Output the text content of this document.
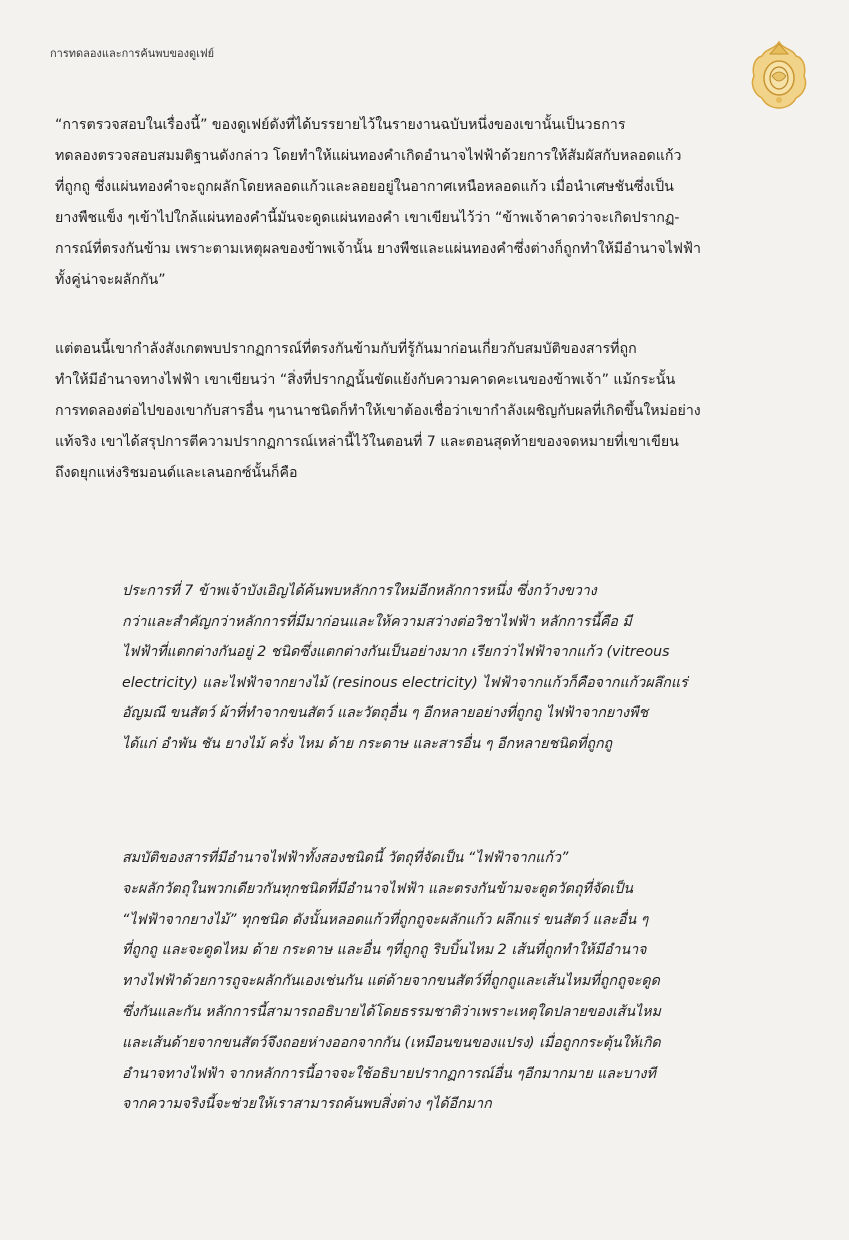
การทดลองและการค้นพบของดูเฟย์
“การตรวจสอบในเรื่องนี้” ของดูเฟย์ดังที่ได้บรรยายไว้ในรายงานฉบับหนึ่งของเขานั้นเป็นวธการ
ทดลองตรวจสอบสมมติฐานดังกล่าว โดยทำให้แผ่นทองคำเกิดอำนาจไฟฟ้าด้วยการให้สัมผัสกับหลอดแก้ว
ที่ถูกถู ซึ่งแผ่นทองคำจะถูกผลักโดยหลอดแก้วและลอยอยู่ในอากาศเหนือหลอดแก้ว เมื่อนำเศษชันซึ่งเป็น
ยางพืชแข็ง ๆเข้าไปใกล้แผ่นทองคำนี้มันจะดูดแผ่นทองคำ เขาเขียนไว้ว่า “ข้าพเจ้าคาดว่าจะเกิดปรากฏ-
การณ์ที่ตรงกันข้าม เพราะตามเหตุผลของข้าพเจ้านั้น ยางพืชและแผ่นทองคำซึ่งต่างก็ถูกทำให้มีอำนาจไฟฟ้า
ทั้งคู่น่าจะผลักกัน”
แต่ตอนนี้เขากำลังสังเกตพบปรากฏการณ์ที่ตรงกันข้ามกับที่รู้กันมาก่อนเกี่ยวกับสมบัติของสารที่ถูก
ทำให้มีอำนาจทางไฟฟ้า เขาเขียนว่า “สิ่งที่ปรากฏนั้นขัดแย้งกับความคาดคะเนของข้าพเจ้า” แม้กระนั้น
การทดลองต่อไปของเขากับสารอื่น ๆนานาชนิดก็ทำให้เขาต้องเชื่อว่าเขากำลังเผชิญกับผลที่เกิดขึ้นใหม่อย่าง
แท้จริง เขาได้สรุปการตีความปรากฏการณ์เหล่านี้ไว้ในตอนที่ 7 และตอนสุดท้ายของจดหมายที่เขาเขียน
ถึงดยุกแห่งริชมอนด์และเลนอกซ์นั้นก็คือ
ประการที่ 7 ข้าพเจ้าบังเอิญได้ค้นพบหลักการใหม่อีกหลักการหนึ่ง ซึ่งกว้างขวาง
กว่าและสำคัญกว่าหลักการที่มีมาก่อนและให้ความสว่างต่อวิชาไฟฟ้า หลักการนี้คือ มี
ไฟฟ้าที่แตกต่างกันอยู่ 2 ชนิดซึ่งแตกต่างกันเป็นอย่างมาก เรียกว่าไฟฟ้าจากแก้ว (vitreous
electricity) และไฟฟ้าจากยางไม้ (resinous electricity) ไฟฟ้าจากแก้วก็คือจากแก้วผลึกแร่
อัญมณี ขนสัตว์ ผ้าที่ทำจากขนสัตว์ และวัตถุอื่น ๆ อีกหลายอย่างที่ถูกถู ไฟฟ้าจากยางพืช
ได้แก่ อำพัน ชัน ยางไม้ ครั่ง ไหม ด้าย กระดาษ และสารอื่น ๆ อีกหลายชนิดที่ถูกถู
สมบัติของสารที่มีอำนาจไฟฟ้าทั้งสองชนิดนี้ วัตถุที่จัดเป็น “ไฟฟ้าจากแก้ว”
จะผลักวัตถุในพวกเดียวกันทุกชนิดที่มีอำนาจไฟฟ้า และตรงกันข้ามจะดูดวัตถุที่จัดเป็น
“ไฟฟ้าจากยางไม้” ทุกชนิด ดังนั้นหลอดแก้วที่ถูกถูจะผลักแก้ว ผลึกแร่ ขนสัตว์ และอื่น ๆ
ที่ถูกถู และจะดูดไหม ด้าย กระดาษ และอื่น ๆที่ถูกถู ริบบิ้นไหม 2 เส้นที่ถูกทำให้มีอำนาจ
ทางไฟฟ้าด้วยการถูจะผลักกันเองเช่นกัน แต่ด้ายจากขนสัตว์ที่ถูกถูและเส้นไหมที่ถูกถูจะดูด
ซึ่งกันและกัน หลักการนี้สามารถอธิบายได้โดยธรรมชาติว่าเพราะเหตุใดปลายของเส้นไหม
และเส้นด้ายจากขนสัตว์จึงถอยห่างออกจากกัน (เหมือนขนของแปรง) เมื่อถูกกระตุ้นให้เกิด
อำนาจทางไฟฟ้า จากหลักการนี้อาจจะใช้อธิบายปรากฏการณ์อื่น ๆอีกมากมาย และบางที
จากความจริงนี้จะช่วยให้เราสามารถค้นพบสิ่งต่าง ๆได้อีกมาก
